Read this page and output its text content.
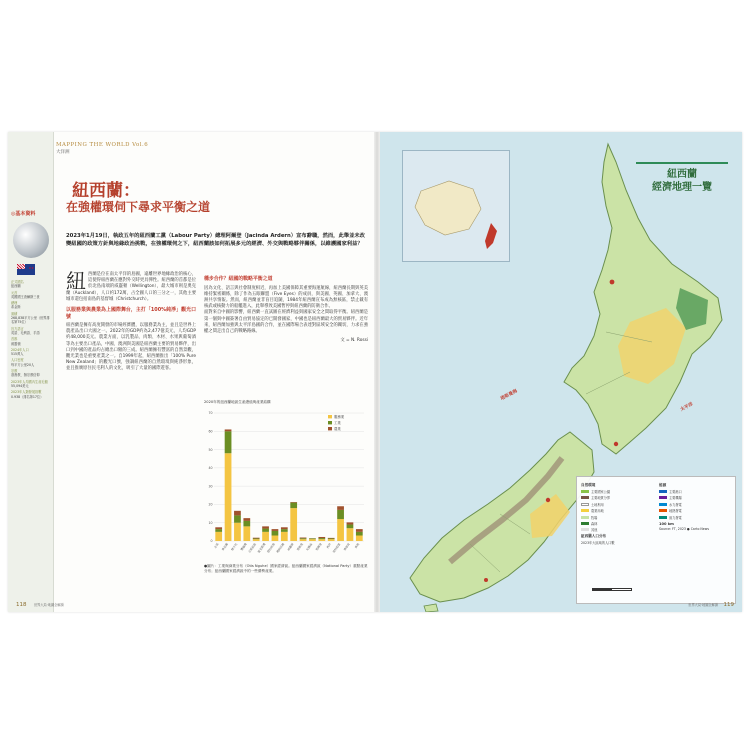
◎基本資料
★★
正式國名
紐西蘭
元首
英國國王查爾斯三世
總理
希金斯
面積
268,838平方公里（世界排名第75位）
官方語言
英語、毛利語、手語
首都
威靈頓
2024年人口
515萬人
人口密度
每平方公里20人
宗教
基督教、無宗教信仰
2023年人均國內生產毛額
55,094美元
2023年人類發展指數
0.938（排名第17位）
MAPPING THE WORLD Vol.6
大洋洲
紐西蘭：
在強權環伺下尋求平衡之道
2023年1月19日，執政五年的紐西蘭工黨（Labour Party）總理阿爾登（Jacinda Ardern）宣布辭職，然而，此舉並未改變紐國的政策方針與地緣政治挑戰，在強權環伺之下，紐西蘭該如何拓展多元的經濟、外交與戰略夥伴關係，以維護國家利益？
紐 西蘭是位在南太平洋的島國，遠離世界地緣政治的核心，這使得紐西蘭在應對外交時更具彈性。紐西蘭的首都是位於北島南端的威靈頓（Wellington），最大城市則是奧克蘭（Auckland），人口約172萬，占全國人口的三分之一，其他主要城市還包括南島的基督城（Christchurch）。
以服務業與農業為上國際舞台，主打「100%純淨」觀光口號
紐西蘭是擁有高度開發的市場經濟體，以服務業為主，並且是世界上農產品出口大國之一。2022年的GDP約為2,477億美元，人均GDP約48,000美元。農業方面，以乳製品、肉類、木材、水果與葡萄酒等為主要出口產品，中國、澳洲與美國是紐西蘭主要的貿易夥伴，出口到中國的產品約占總出口額的三成。紐西蘭擁有豐富的自然景觀，觀光業也是重要產業之一。自1999年起，紐西蘭推出「100% Pure New Zealand」的觀光口號，強調紐西蘭的自然環境與純淨形象，並且推廣原住民毛利人的文化，吸引了大量的國際遊客。
穩步合作？紐國的戰略平衡之道
因為文化、語言與社會制度相近，再加上美國保障其重要海運航線，紐西蘭長期與英美維持緊密關係，除了作為五眼聯盟（Five Eyes）的成員，與美國、英國、加拿大、澳洲共享情報。然而，紐西蘭並非盲目追隨，1984年紐西蘭宣布成為無核區，禁止載有核武或核動力的船艦進入，此舉導致美國暫停與紐西蘭的防衛合作。
面對來自中國的影響，紐西蘭一直試圖在經濟利益與國家安全之間取得平衡。紐西蘭是第一個與中國簽署自由貿易協定的已開發國家，中國也是紐西蘭最大的貿易夥伴。近年來，紐西蘭加強與太平洋島國的合作，並在國際場合表達對區域安全的關切，力求在強權之間走出自己的戰略路線。
文 = N. Rossi
2020年的紐西蘭地區生產總值與產業結構
0
10
20
30
40
50
60
70
北部 奧克蘭 懷卡托 豐盛灣 吉斯伯恩 霍克斯灣 塔拉納基 瑪納瓦圖 威靈頓 塔斯曼 尼爾森 馬爾堡 西岸 坎特伯雷 奧塔哥 南地
服務業
工業
農業
●圖片：工業與商業分布（Otis Nguhe）國家經濟區。紐西蘭國家經濟區（National Party）重點產業分布；紐西蘭國家經濟區中的一些優勢產業。
118 世界大局‧地圖全解讀
紐西蘭
經濟地理一覽
太平洋
塔斯曼海
自然環境
主要國家公園
主要地質分界
土地利用
農業用地
牧場
森林
其他
紐西蘭人口分布
2023年大區域的人口數
能源
主要港口
主要機場
水力發電
地熱發電
風力發電
100 km
Source: FT, 2023 ● Carto News
119
世界大局‧地圖全解讀
